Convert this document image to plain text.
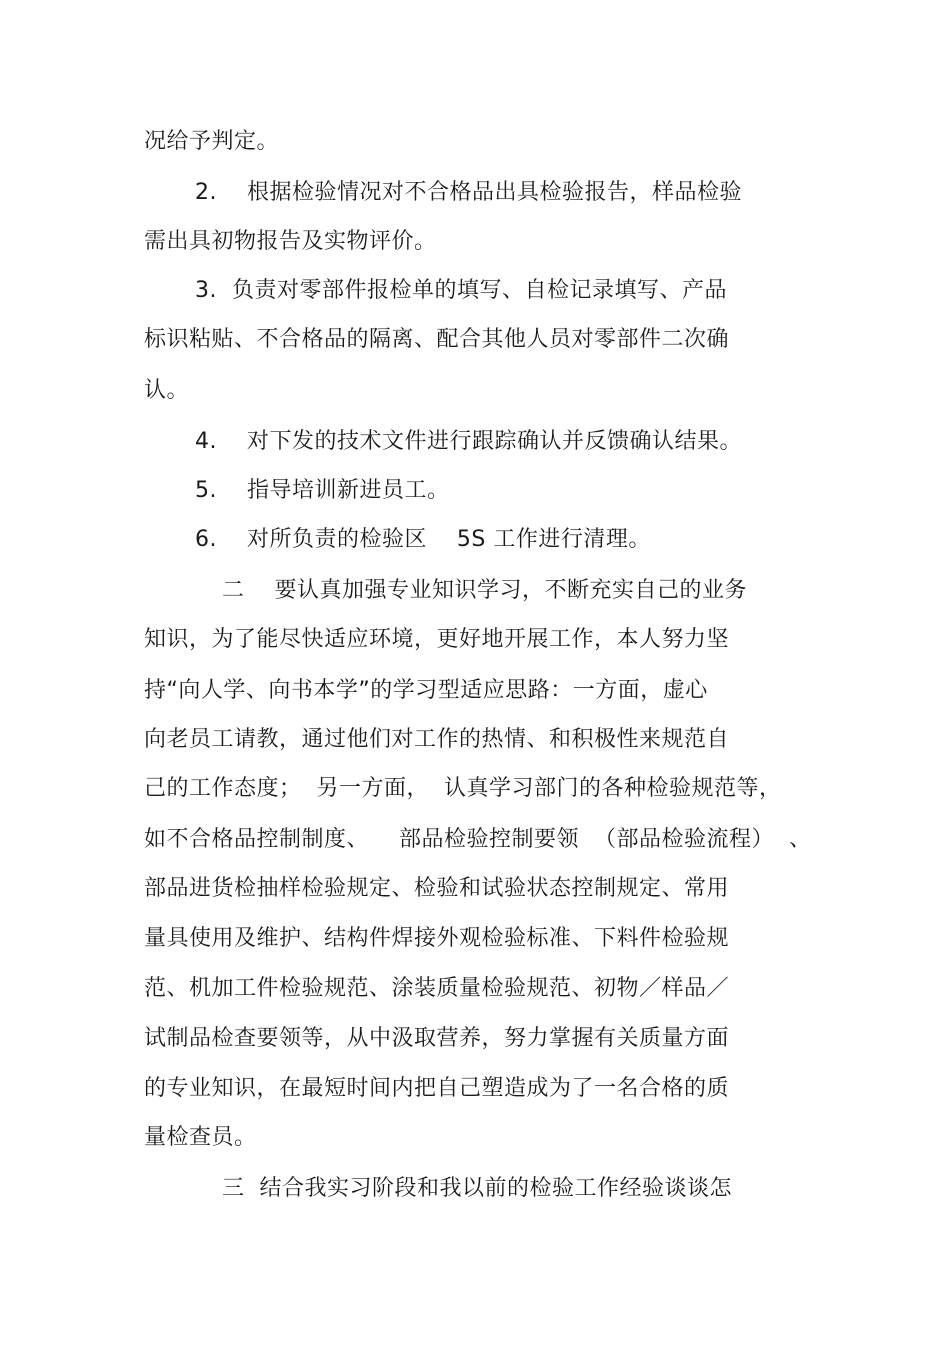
况给予判定。
2.    根据检验情况对不合格品出具检验报告，样品检验
需出具初物报告及实物评价。
3.  负责对零部件报检单的填写、自检记录填写、产品
标识粘贴、不合格品的隔离、配合其他人员对零部件二次确
认。
4.    对下发的技术文件进行跟踪确认并反馈确认结果。
5.    指导培训新进员工。
6.    对所负责的检验区    5S 工作进行清理。
二    要认真加强专业知识学习，不断充实自己的业务
知识，为了能尽快适应环境，更好地开展工作，本人努力坚
持“向人学、向书本学”的学习型适应思路：一方面，虚心
向老员工请教，通过他们对工作的热情、和积极性来规范自
己的工作态度；  另一方面，  认真学习部门的各种检验规范等，
如不合格品控制制度、    部品检验控制要领  （部品检验流程）  、
部品进货检抽样检验规定、检验和试验状态控制规定、常用
量具使用及维护、结构件焊接外观检验标准、下料件检验规
范、机加工件检验规范、涂装质量检验规范、初物／样品／
试制品检查要领等，从中汲取营养，努力掌握有关质量方面
的专业知识，在最短时间内把自己塑造成为了一名合格的质
量检查员。
三  结合我实习阶段和我以前的检验工作经验谈谈怎
